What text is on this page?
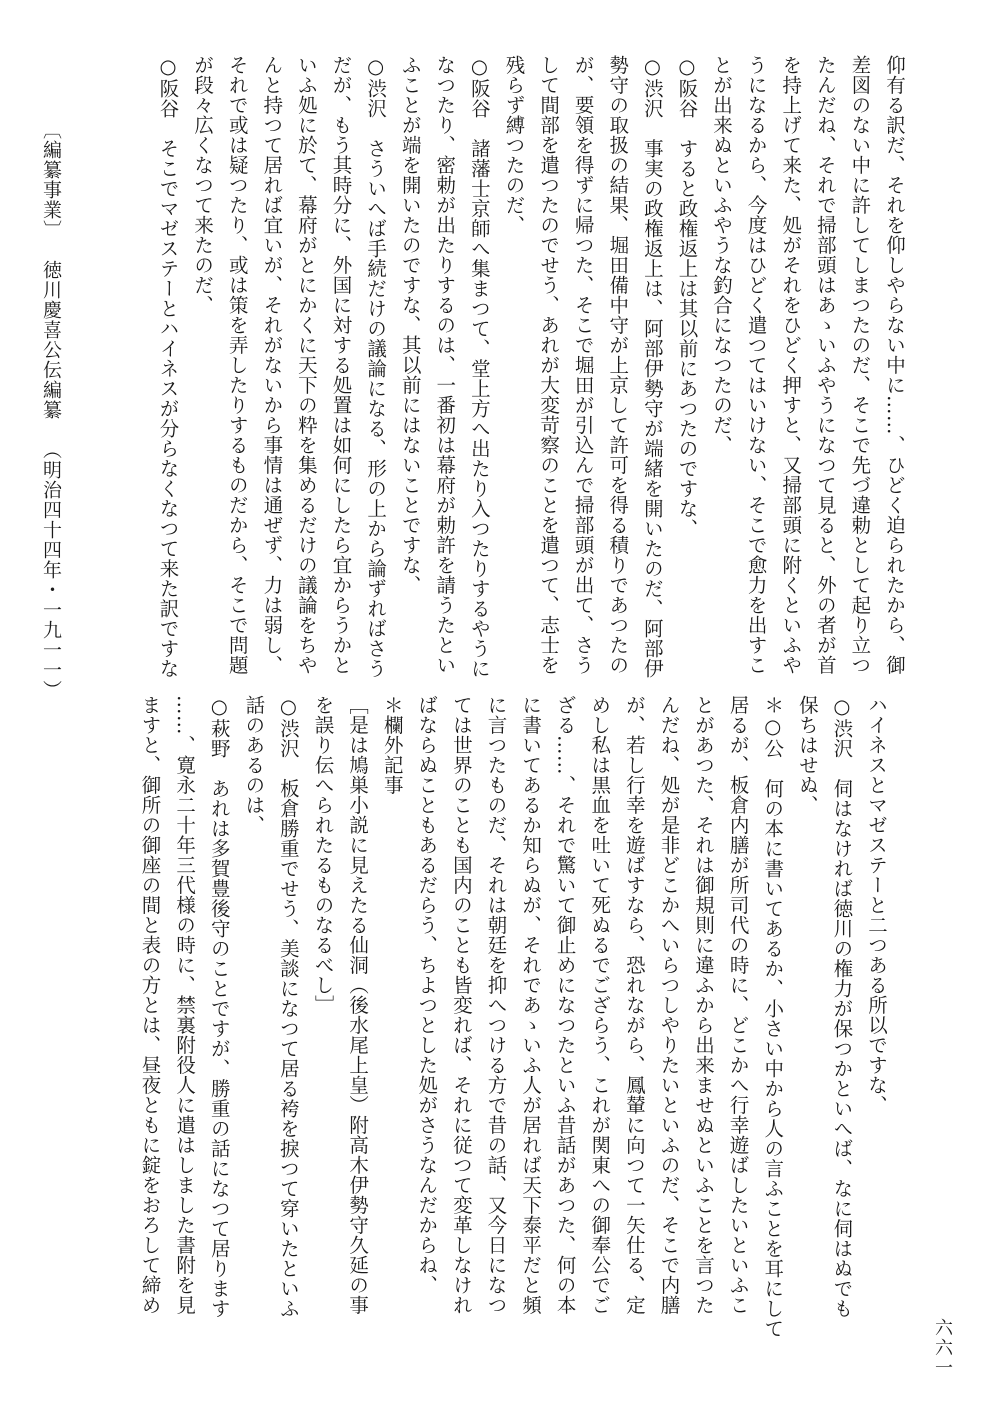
仰有る訳だ、それを仰しやらない中に……、ひどく迫られたから、御
差図のない中に許してしまつたのだ、そこで先づ違勅として起り立つ
たんだね、それで掃部頭はあゝいふやうになつて見ると、外の者が首
を持上げて来た、処がそれをひどく押すと、又掃部頭に附くといふや
うになるから、今度はひどく遣つてはいけない、そこで愈力を出すこ
とが出来ぬといふやうな釣合になつたのだ、
○阪谷　すると政権返上は其以前にあつたのですな、
○渋沢　事実の政権返上は、阿部伊勢守が端緒を開いたのだ、阿部伊
勢守の取扱の結果、堀田備中守が上京して許可を得る積りであつたの
が、要領を得ずに帰つた、そこで堀田が引込んで掃部頭が出て、さう
して間部を遣つたのでせう、あれが大変苛察のことを遣つて、志士を
残らず縛つたのだ、
○阪谷　諸藩士京師へ集まつて、堂上方へ出たり入つたりするやうに
なつたり、密勅が出たりするのは、一番初は幕府が勅許を請うたとい
ふことが端を開いたのですな、其以前にはないことですな、
○渋沢　さういへば手続だけの議論になる、形の上から論ずればさう
だが、もう其時分に、外国に対する処置は如何にしたら宜からうかと
いふ処に於て、幕府がとにかくに天下の粋を集めるだけの議論をちや
んと持つて居れば宜いが、それがないから事情は通ぜず、力は弱し、
それで或は疑つたり、或は策を弄したりするものだから、そこで問題
が段々広くなつて来たのだ、
○阪谷　そこでマゼステーとハイネスが分らなくなつて来た訳ですな
ハイネスとマゼステーと二つある所以ですな、
○渋沢　伺はなければ徳川の権力が保つかといへば、なに伺はぬでも
保ちはせぬ、
＊○公　何の本に書いてあるか、小さい中から人の言ふことを耳にして
居るが、板倉内膳が所司代の時に、どこかへ行幸遊ばしたいといふこ
とがあつた、それは御規則に違ふから出来ませぬといふことを言つた
んだね、処が是非どこかへいらつしやりたいといふのだ、そこで内膳
が、若し行幸を遊ばすなら、恐れながら、鳳輦に向つて一矢仕る、定
めし私は黒血を吐いて死ぬるでござらう、これが関東への御奉公でご
ざる……、それで驚いて御止めになつたといふ昔話があつた、何の本
に書いてあるか知らぬが、それであゝいふ人が居れば天下泰平だと頻
に言つたものだ、それは朝廷を抑へつける方で昔の話、又今日になつ
ては世界のことも国内のことも皆変れば、それに従つて変革しなけれ
ばならぬこともあるだらう、ちよつとした処がさうなんだからね、
＊欄外記事
［是は鳩巣小説に見えたる仙洞（後水尾上皇）附高木伊勢守久延の事
を誤り伝へられたるものなるべし］
○渋沢　板倉勝重でせう、美談になつて居る袴を捩つて穿いたといふ
話のあるのは、
○萩野　あれは多賀豊後守のことですが、勝重の話になつて居ります
……、寛永二十年三代様の時に、禁裏附役人に遣はしました書附を見
ますと、御所の御座の間と表の方とは、昼夜ともに錠をおろして締め
〔編纂事業〕徳川慶喜公伝編纂（明治四十四年・一九一一）
六六一
